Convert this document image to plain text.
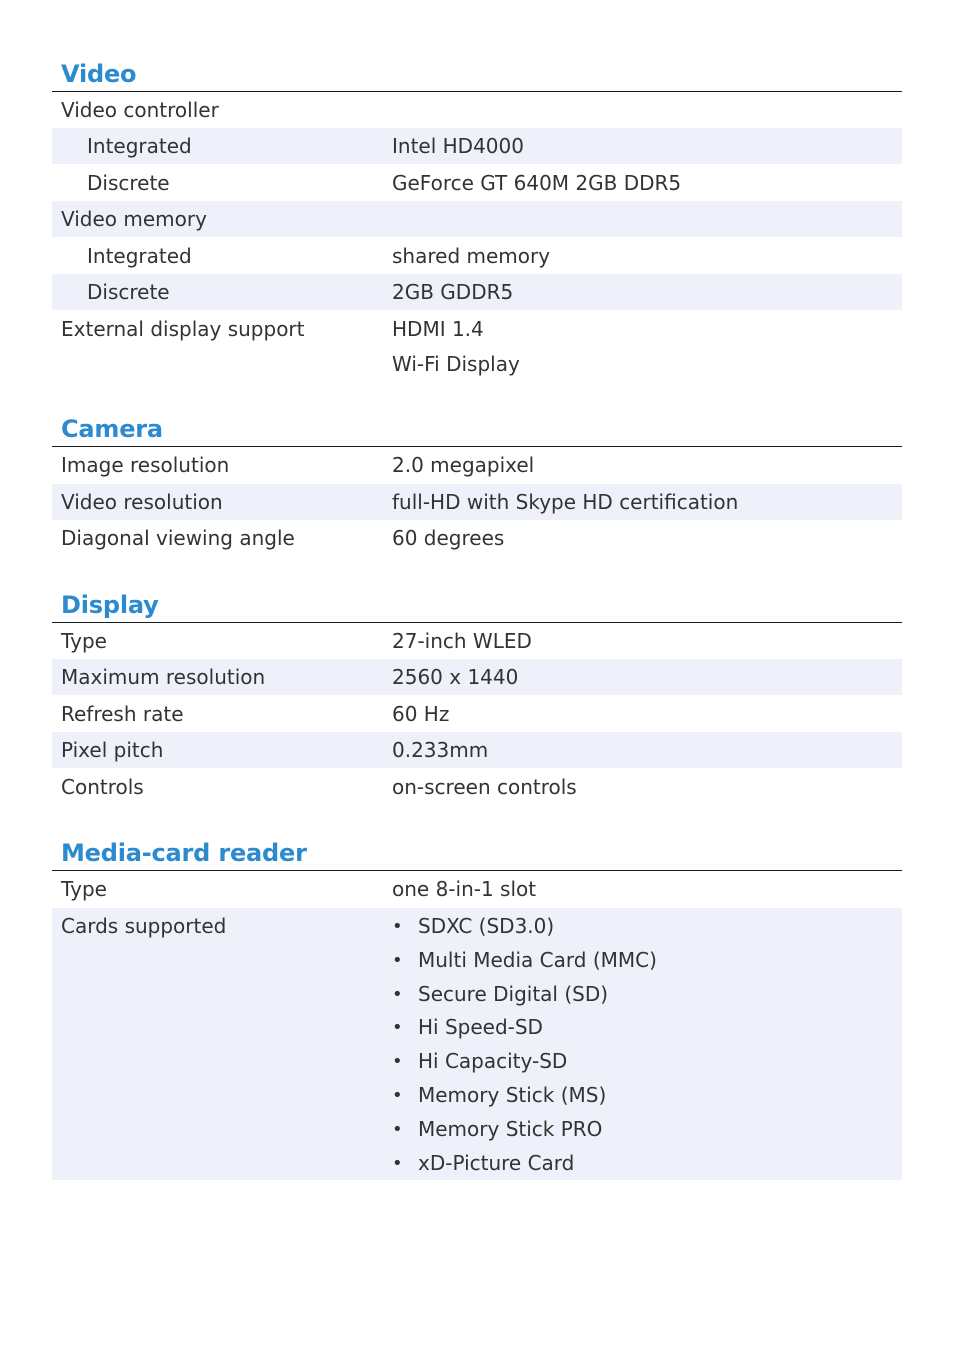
Video
Video controller
Integrated	Intel HD4000
Discrete	GeForce GT 640M 2GB DDR5
Video memory
Integrated	shared memory
Discrete	2GB GDDR5
External display support	HDMI 1.4
Wi-Fi Display
Camera
Image resolution	2.0 megapixel
Video resolution	full-HD with Skype HD certification
Diagonal viewing angle	60 degrees
Display
Type	27-inch WLED
Maximum resolution	2560 x 1440
Refresh rate	60 Hz
Pixel pitch	0.233mm
Controls	on-screen controls
Media-card reader
Type	one 8-in-1 slot
Cards supported	• SDXC (SD3.0)
• Multi Media Card (MMC)
• Secure Digital (SD)
• Hi Speed-SD
• Hi Capacity-SD
• Memory Stick (MS)
• Memory Stick PRO
• xD-Picture Card
